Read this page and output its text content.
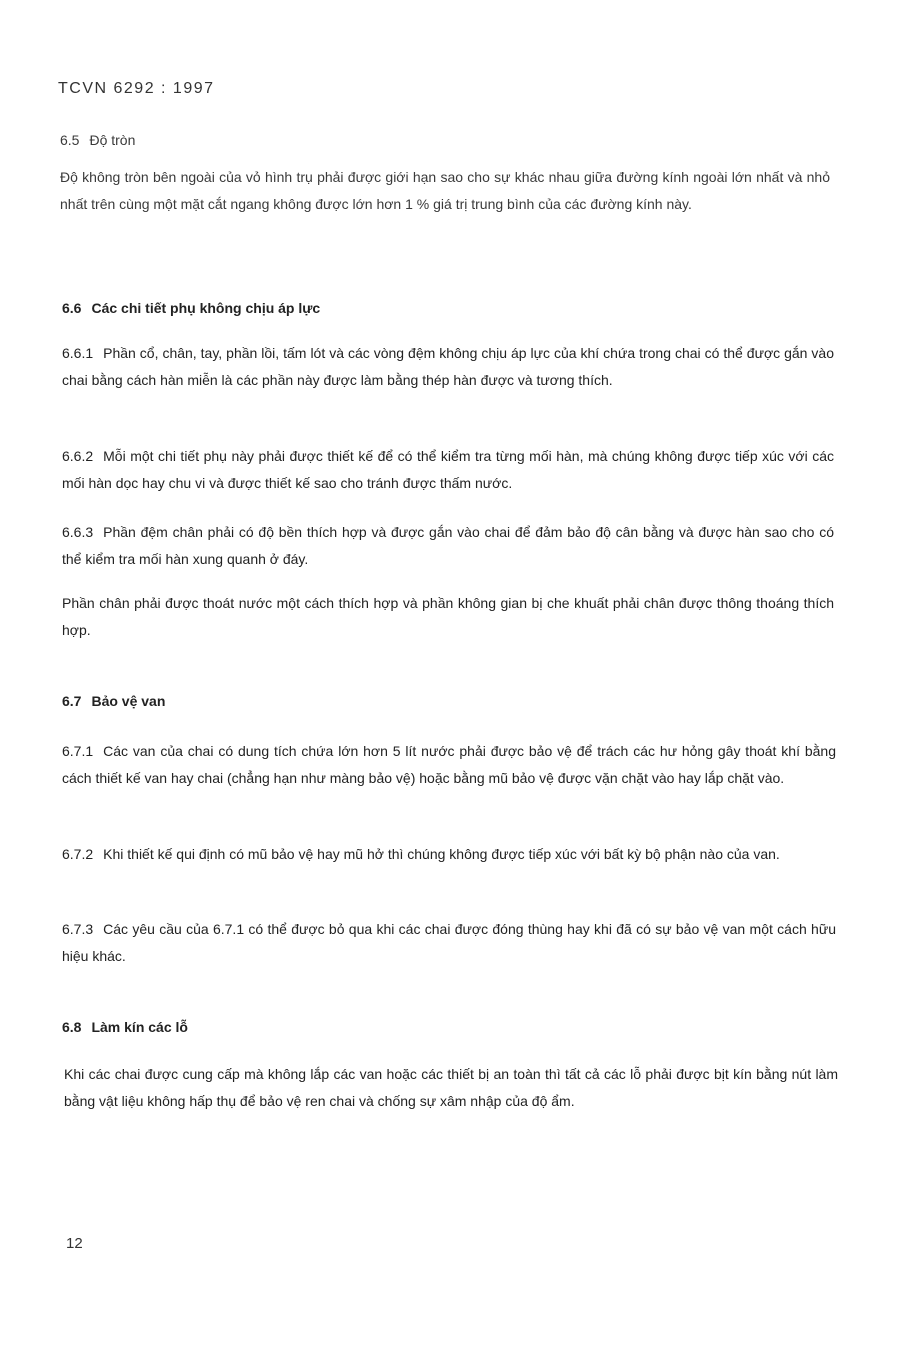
TCVN 6292 : 1997
6.5 Độ tròn
Độ không tròn bên ngoài của vỏ hình trụ phải được giới hạn sao cho sự khác nhau giữa đường kính ngoài lớn nhất và nhỏ nhất trên cùng một mặt cắt ngang không được lớn hơn 1 % giá trị trung bình của các đường kính này.
6.6 Các chi tiết phụ không chịu áp lực
6.6.1 Phần cổ, chân, tay, phần lồi, tấm lót và các vòng đệm không chịu áp lực của khí chứa trong chai có thể được gắn vào chai bằng cách hàn miễn là các phần này được làm bằng thép hàn được và tương thích.
6.6.2 Mỗi một chi tiết phụ này phải được thiết kế để có thể kiểm tra từng mối hàn, mà chúng không được tiếp xúc với các mối hàn dọc hay chu vi và được thiết kế sao cho tránh được thấm nước.
6.6.3 Phần đệm chân phải có độ bền thích hợp và được gắn vào chai để đảm bảo độ cân bằng và được hàn sao cho có thể kiểm tra mối hàn xung quanh ở đáy.
Phần chân phải được thoát nước một cách thích hợp và phần không gian bị che khuất phải chân được thông thoáng thích hợp.
6.7 Bảo vệ van
6.7.1 Các van của chai có dung tích chứa lớn hơn 5 lít nước phải được bảo vệ để trách các hư hỏng gây thoát khí bằng cách thiết kế van hay chai (chẳng hạn như màng bảo vệ) hoặc bằng mũ bảo vệ được vặn chặt vào hay lắp chặt vào.
6.7.2 Khi thiết kế qui định có mũ bảo vệ hay mũ hở thì chúng không được tiếp xúc với bất kỳ bộ phận nào của van.
6.7.3 Các yêu cầu của 6.7.1 có thể được bỏ qua khi các chai được đóng thùng hay khi đã có sự bảo vệ van một cách hữu hiệu khác.
6.8 Làm kín các lỗ
Khi các chai được cung cấp mà không lắp các van hoặc các thiết bị an toàn thì tất cả các lỗ phải được bịt kín bằng nút làm bằng vật liệu không hấp thụ để bảo vệ ren chai và chống sự xâm nhập của độ ẩm.
12
